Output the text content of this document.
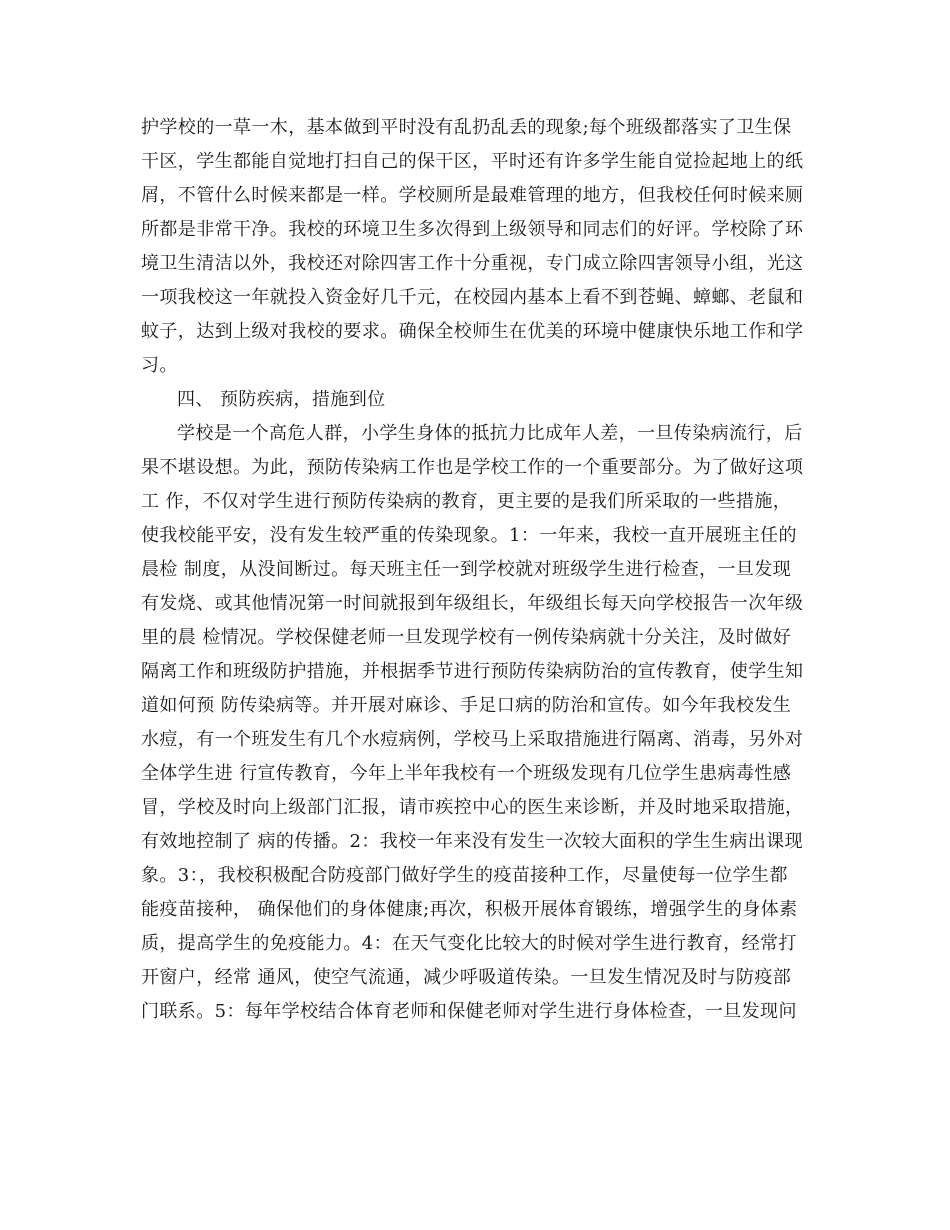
护学校的一草一木，基本做到平时没有乱扔乱丢的现象;每个班级都落实了卫生保
干区，学生都能自觉地打扫自己的保干区，平时还有许多学生能自觉捡起地上的纸
屑，不管什么时候来都是一样。学校厕所是最难管理的地方，但我校任何时候来厕
所都是非常干净。我校的环境卫生多次得到上级领导和同志们的好评。学校除了环
境卫生清洁以外，我校还对除四害工作十分重视，专门成立除四害领导小组，光这
一项我校这一年就投入资金好几千元，在校园内基本上看不到苍蝇、蟑螂、老鼠和
蚊子，达到上级对我校的要求。确保全校师生在优美的环境中健康快乐地工作和学
习。
四、 预防疾病，措施到位
学校是一个高危人群，小学生身体的抵抗力比成年人差，一旦传染病流行，后
果不堪设想。为此，预防传染病工作也是学校工作的一个重要部分。为了做好这项
工 作，不仅对学生进行预防传染病的教育，更主要的是我们所采取的一些措施，
使我校能平安，没有发生较严重的传染现象。1：一年来，我校一直开展班主任的
晨检 制度，从没间断过。每天班主任一到学校就对班级学生进行检查，一旦发现
有发烧、或其他情况第一时间就报到年级组长，年级组长每天向学校报告一次年级
里的晨 检情况。学校保健老师一旦发现学校有一例传染病就十分关注，及时做好
隔离工作和班级防护措施，并根据季节进行预防传染病防治的宣传教育，使学生知
道如何预 防传染病等。并开展对麻诊、手足口病的防治和宣传。如今年我校发生
水痘，有一个班发生有几个水痘病例，学校马上采取措施进行隔离、消毒，另外对
全体学生进 行宣传教育，今年上半年我校有一个班级发现有几位学生患病毒性感
冒，学校及时向上级部门汇报，请市疾控中心的医生来诊断，并及时地采取措施，
有效地控制了 病的传播。2：我校一年来没有发生一次较大面积的学生生病出课现
象。3：，我校积极配合防疫部门做好学生的疫苗接种工作，尽量使每一位学生都
能疫苗接种， 确保他们的身体健康;再次，积极开展体育锻练，增强学生的身体素
质，提高学生的免疫能力。4：在天气变化比较大的时候对学生进行教育，经常打
开窗户，经常 通风，使空气流通，减少呼吸道传染。一旦发生情况及时与防疫部
门联系。5：每年学校结合体育老师和保健老师对学生进行身体检查，一旦发现问
